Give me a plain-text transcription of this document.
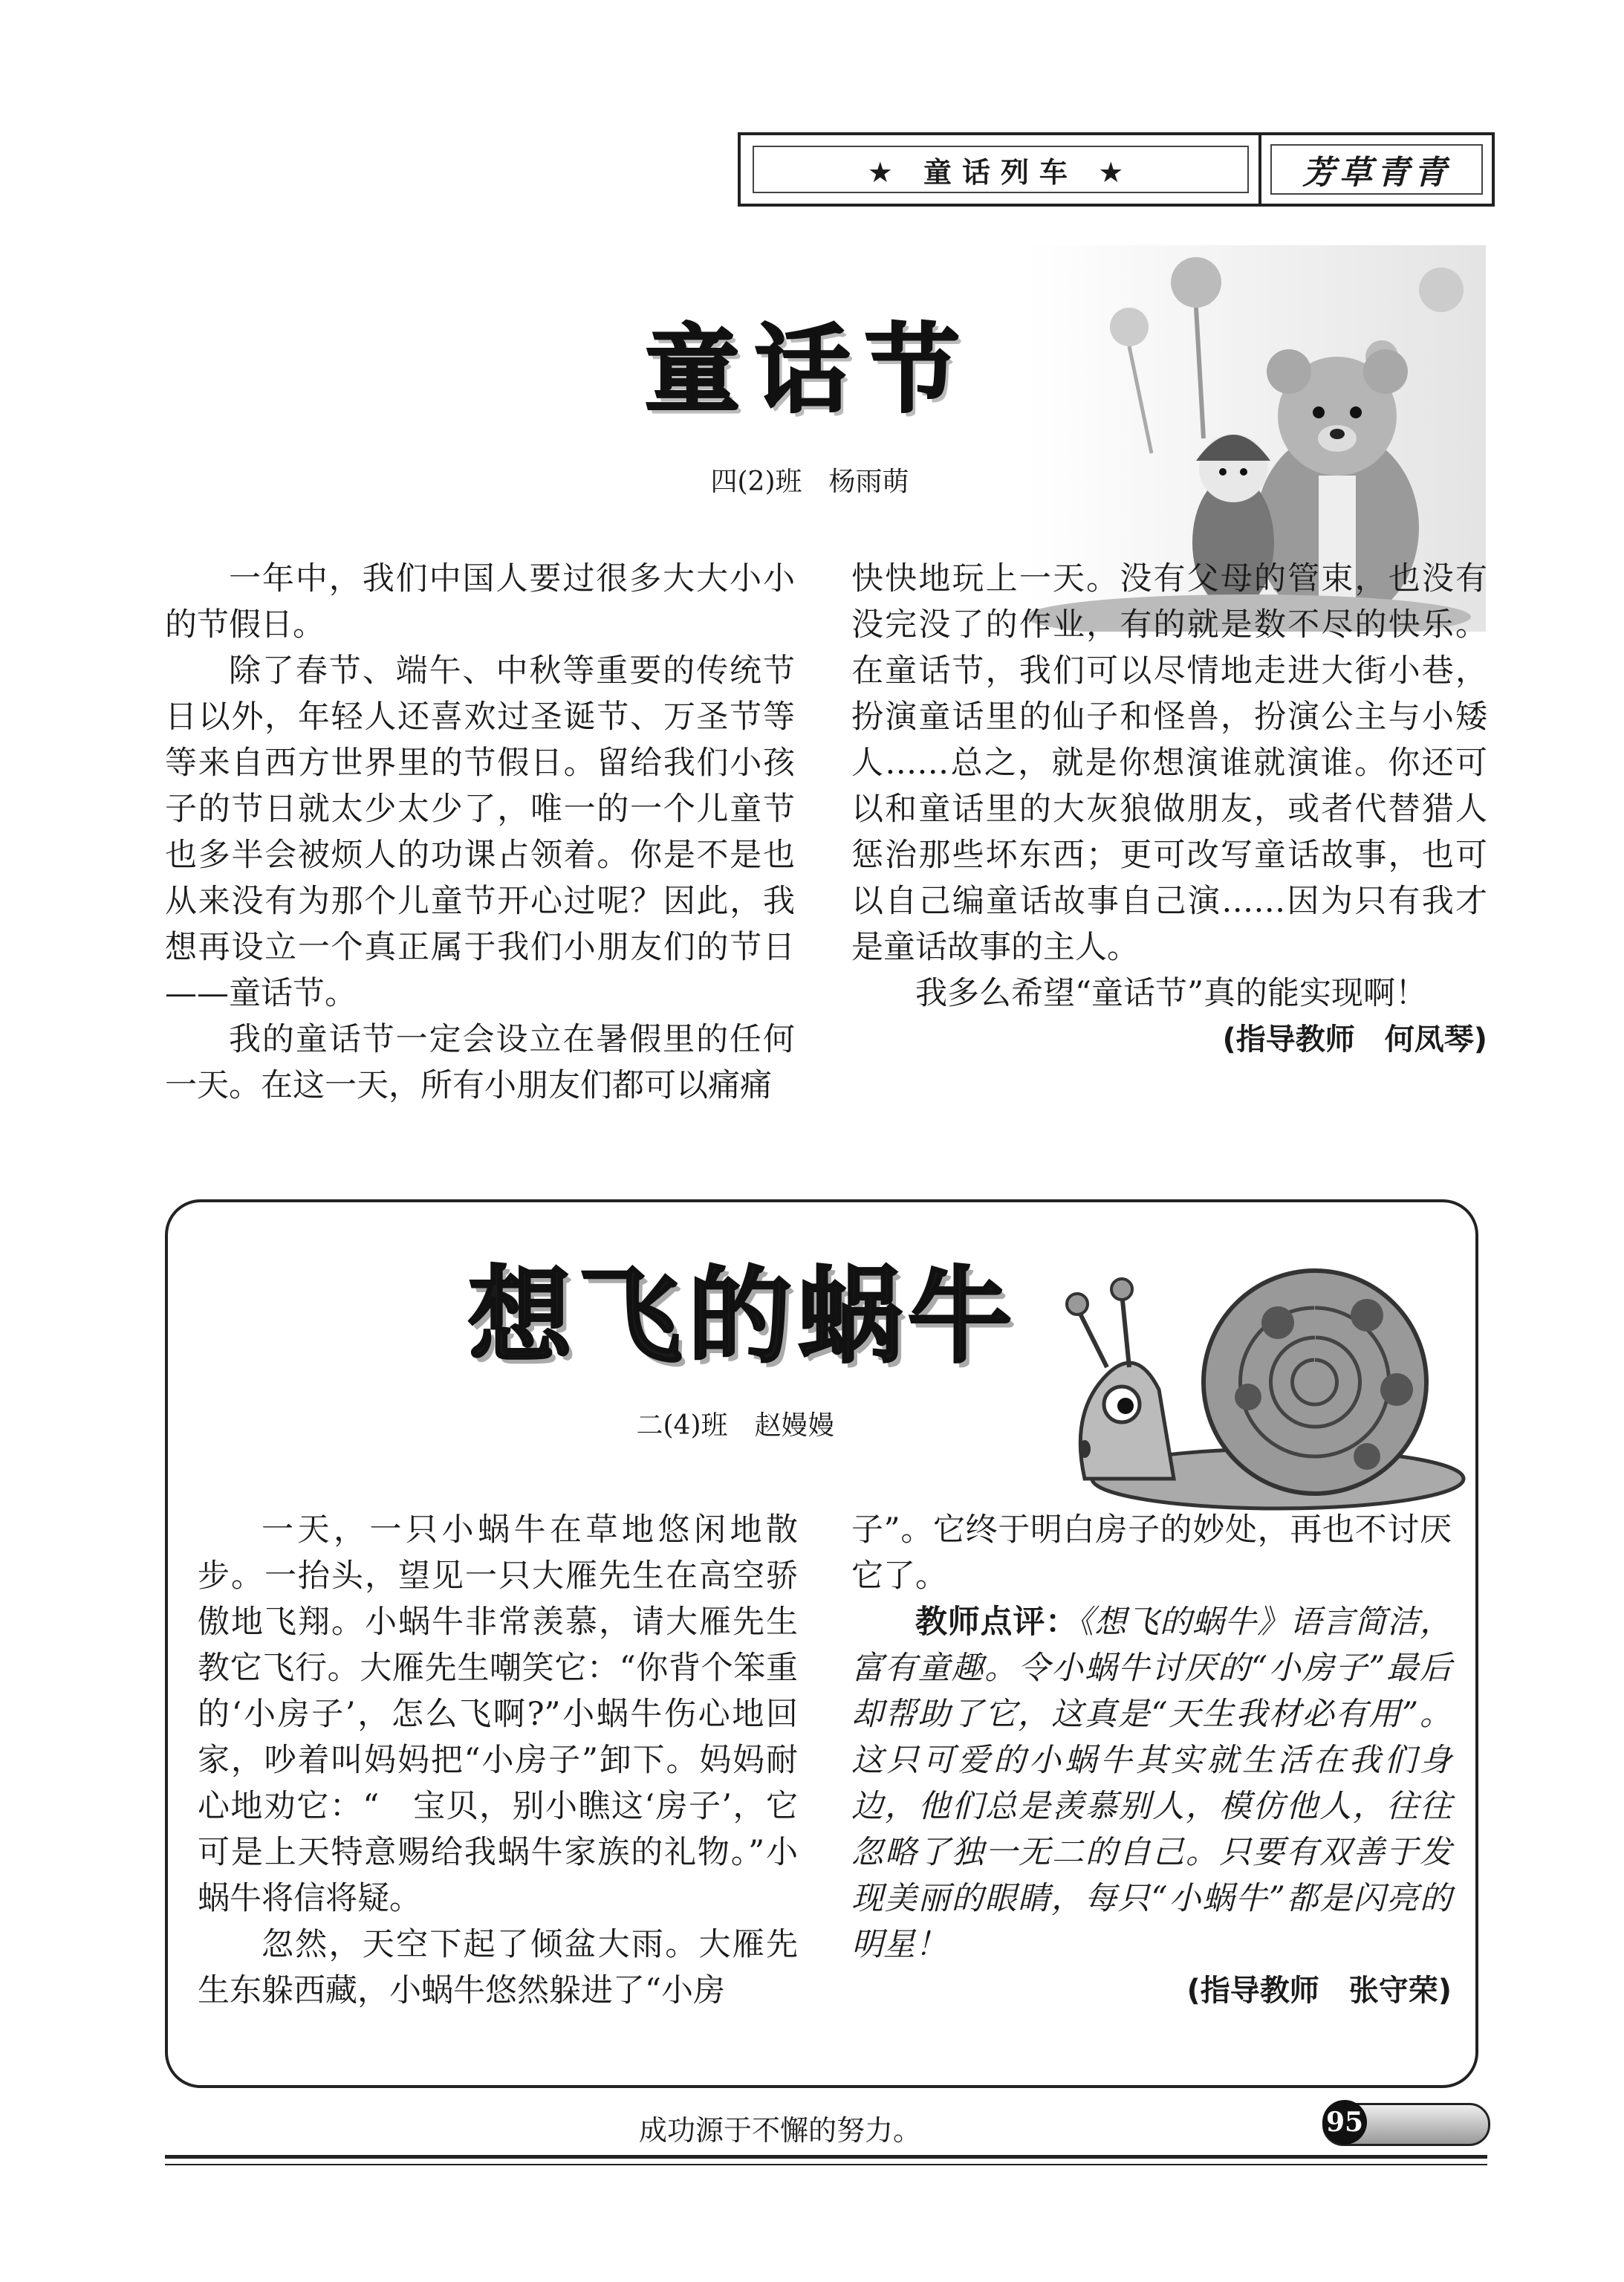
★ 童话列车 ★	芳草青青
童话节
四(2)班　杨雨萌

一年中，我们中国人要过很多大大小小的节假日。

除了春节、端午、中秋等重要的传统节日以外，年轻人还喜欢过圣诞节、万圣节等等来自西方世界里的节假日。留给我们小孩子的节日就太少太少了，唯一的一个儿童节也多半会被烦人的功课占领着。你是不是也从来没有为那个儿童节开心过呢？因此，我想再设立一个真正属于我们小朋友们的节日——童话节。

我的童话节一定会设立在暑假里的任何一天。在这一天，所有小朋友们都可以痛痛

快快地玩上一天。没有父母的管束，也没有没完没了的作业，有的就是数不尽的快乐。在童话节，我们可以尽情地走进大街小巷，扮演童话里的仙子和怪兽，扮演公主与小矮人……总之，就是你想演谁就演谁。你还可以和童话里的大灰狼做朋友，或者代替猎人惩治那些坏东西；更可改写童话故事，也可以自己编童话故事自己演……因为只有我才是童话故事的主人。

我多么希望“童话节”真的能实现啊！

(指导教师　何凤琴)
想飞的蜗牛
二(4)班　赵嫚嫚

一天，一只小蜗牛在草地悠闲地散步。一抬头，望见一只大雁先生在高空骄傲地飞翔。小蜗牛非常羡慕，请大雁先生教它飞行。大雁先生嘲笑它：“你背个笨重的‘小房子’，怎么飞啊?”小蜗牛伤心地回家，吵着叫妈妈把“小房子”卸下。妈妈耐心地劝它：“　宝贝，别小瞧这‘房子’，它可是上天特意赐给我蜗牛家族的礼物。”小蜗牛将信将疑。

忽然，天空下起了倾盆大雨。大雁先生东躲西藏，小蜗牛悠然躲进了“小房

子”。它终于明白房子的妙处，再也不讨厌它了。

教师点评：《想飞的蜗牛》语言简洁，富有童趣。令小蜗牛讨厌的“小房子”最后却帮助了它，这真是“天生我材必有用”。这只可爱的小蜗牛其实就生活在我们身边，他们总是羡慕别人，模仿他人，往往忽略了独一无二的自己。只要有双善于发现美丽的眼睛，每只“小蜗牛”都是闪亮的明星！

(指导教师　张守荣)
成功源于不懈的努力。	95
